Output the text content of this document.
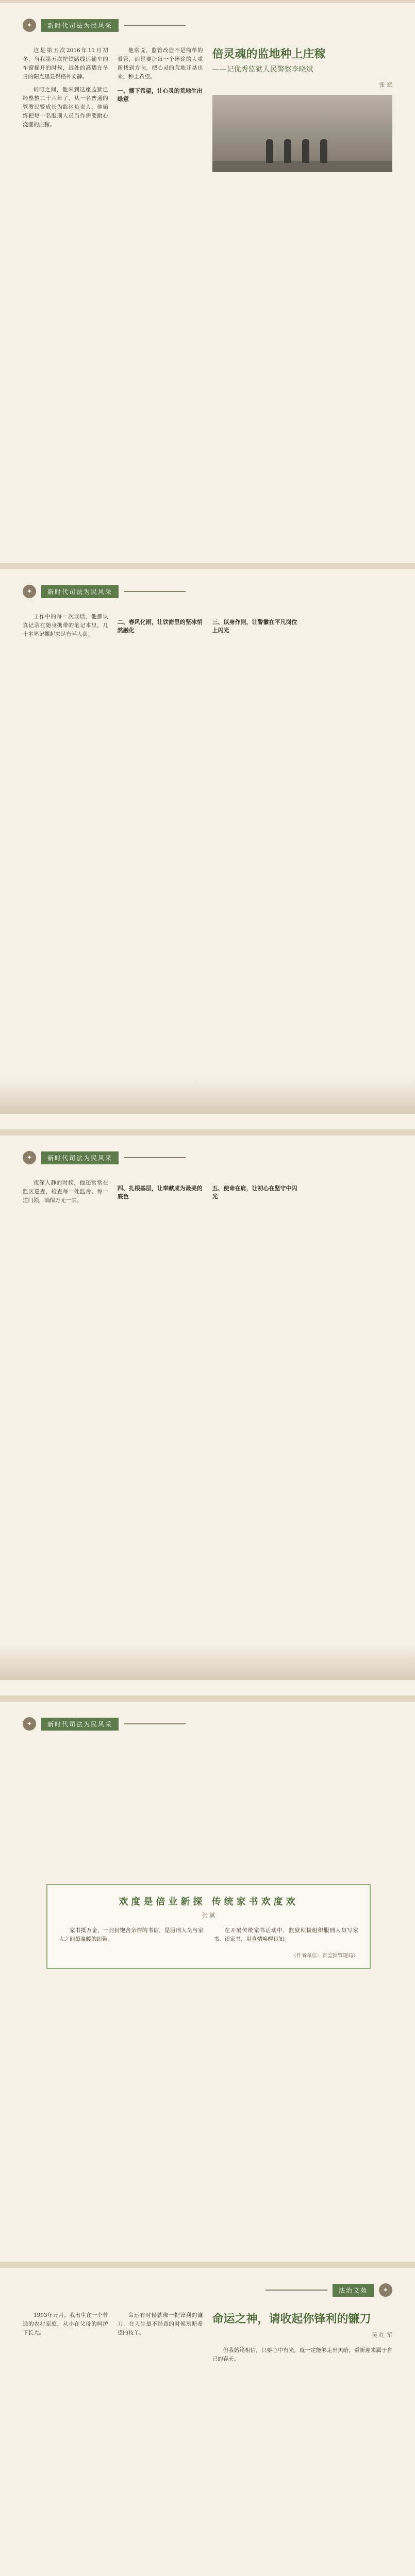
✦	新时代司法为民风采

这是第五次2016年11月初冬，当我第五次把铁路线运输车的车窗摇开的时候，远处的高墙在冬日的阳光里显得格外安静。

转眼之间，他来到这座监狱已经整整二十六年了。从一名普通的管教民警成长为监区负责人，他始终把每一名服刑人员当作需要耐心浇灌的庄稼。

他常说，监管改造不是简单的看管，而是要让每一个迷途的人重新找到方向，把心灵的荒地开垦出来，种上希望。

一、播下希望，让心灵的荒地生出绿意
倍灵魂的监地种上庄稼
——记优秀监狱人民警察李晓斌
张 斌
✦	新时代司法为民风采

工作中的每一次谈话，他都认真记录在随身携带的笔记本里，几十本笔记摞起来足有半人高。

二、春风化雨，让铁窗里的坚冰悄然融化
三、以身作则，让警徽在平凡岗位上闪光
✦	新时代司法为民风采

夜深人静的时候，他还常常在监区巡查，检查每一处监舍、每一道门锁，确保万无一失。

四、扎根基层，让奉献成为最美的底色
五、使命在肩，让初心在坚守中闪光
✦	新时代司法为民风采
欢度是倍业新探 传统家书欢度欢
张 斌

家书抵万金，一封封饱含亲情的书信，是服刑人员与家人之间最温暖的纽带。

在开展传统家书活动中，监狱积极组织服刑人员写家书、读家书，用真情唤醒良知。

（作者单位：省监狱管理局）
法治文苑	✦

1993年元月，我出生在一个普通的农村家庭，从小在父母的呵护下长大。

命运有时候就像一把锋利的镰刀，在人生最不经意的时候割断希望的枝丫。

命运之神，请收起你锋利的镰刀
吴 红 军

但我始终相信，只要心中有光，就一定能够走出黑暗，重新迎来属于自己的春天。
